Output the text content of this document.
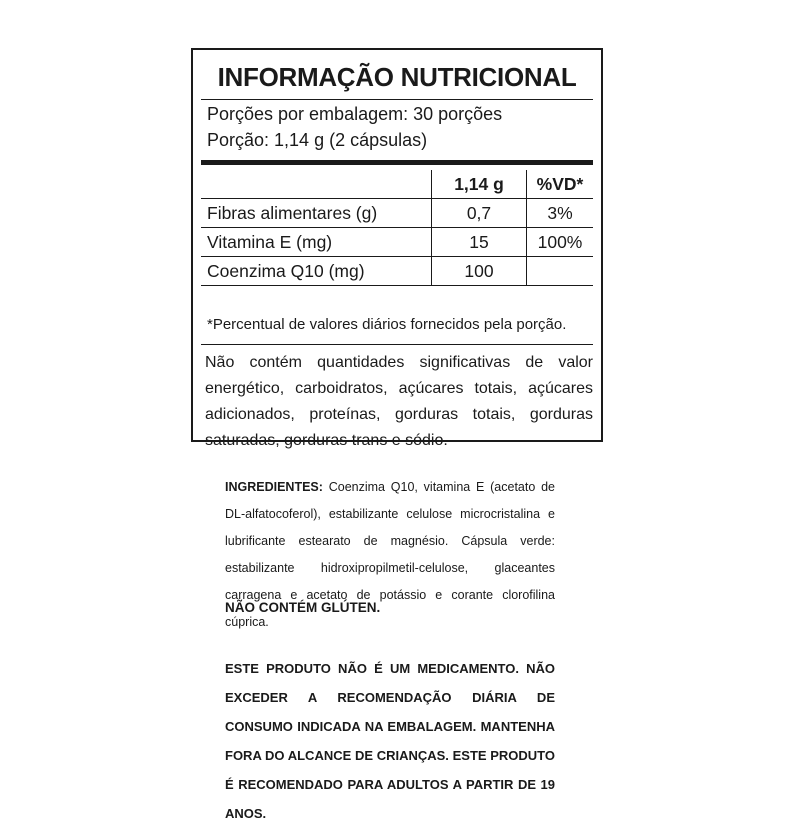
INFORMAÇÃO NUTRICIONAL
Porções por embalagem: 30 porções
Porção: 1,14 g (2 cápsulas)
	1,14 g	%VD*
Fibras alimentares (g)	0,7	3%
Vitamina E (mg)	15	100%
Coenzima Q10 (mg)	100	
*Percentual de valores diários fornecidos pela porção.
Não contém quantidades significativas de valor energético, carboidratos, açúcares totais, açúcares adicionados, proteínas, gorduras totais, gorduras saturadas, gorduras trans e sódio.
INGREDIENTES: Coenzima Q10, vitamina E (acetato de DL-alfatocoferol), estabilizante celulose microcristalina e lubrificante estearato de magnésio. Cápsula verde: estabilizante hidroxipropilmetil-celulose, glaceantes carragena e acetato de potássio e corante clorofilina cúprica.
NÃO CONTÉM GLÚTEN.
ESTE PRODUTO NÃO É UM MEDICAMENTO. NÃO EXCEDER A RECOMENDAÇÃO DIÁRIA DE CONSUMO INDICADA NA EMBALAGEM. MANTENHA FORA DO ALCANCE DE CRIANÇAS. ESTE PRODUTO É RECOMENDADO PARA ADULTOS A PARTIR DE 19 ANOS.
